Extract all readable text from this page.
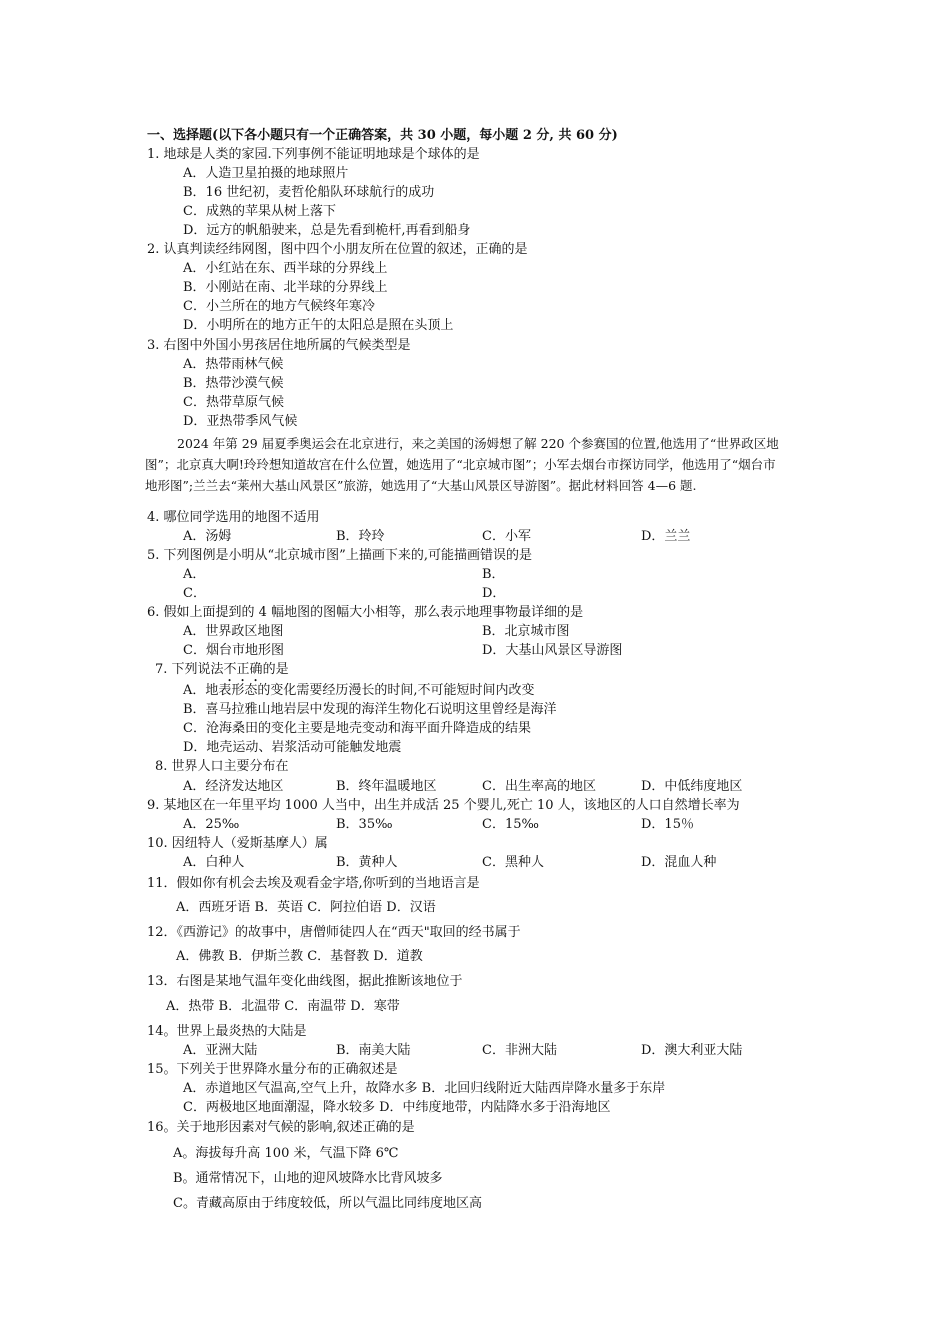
一、选择题(以下各小题只有一个正确答案，共 30 小题，每小题 2 分, 共 60 分)
1. 地球是人类的家园.下列事例不能证明地球是个球体的是
A．人造卫星拍摄的地球照片
B．16 世纪初，麦哲伦船队环球航行的成功
C．成熟的苹果从树上落下
D．远方的帆船驶来，总是先看到桅杆,再看到船身
2. 认真判读经纬网图，图中四个小朋友所在位置的叙述，正确的是
A．小红站在东、西半球的分界线上
B．小刚站在南、北半球的分界线上
C．小兰所在的地方气候终年寒冷
D．小明所在的地方正午的太阳总是照在头顶上
3. 右图中外国小男孩居住地所属的气候类型是
A．热带雨林气候
B．热带沙漠气候
C．热带草原气候
D．亚热带季风气候
2024 年第 29 届夏季奥运会在北京进行，来之美国的汤姆想了解 220 个参赛国的位置,他选用了“世界政区地图”；北京真大啊!玲玲想知道故宫在什么位置，她选用了“北京城市图”；小军去烟台市探访同学，他选用了“烟台市地形图”;兰兰去“莱州大基山风景区”旅游，她选用了“大基山风景区导游图”。据此材料回答 4—6 题.
4. 哪位同学选用的地图不适用
A．汤姆	B．玲玲	C．小军	D．兰兰
5. 下列图例是小明从“北京城市图”上描画下来的,可能描画错误的是
A．	B．
C．	D．
6. 假如上面提到的 4 幅地图的图幅大小相等，那么表示地理事物最详细的是
A．世界政区地图	B．北京城市图
C．烟台市地形图	D．大基山风景区导游图
7. 下列说法不正确的是
A．地表形态的变化需要经历漫长的时间,不可能短时间内改变
B．喜马拉雅山地岩层中发现的海洋生物化石说明这里曾经是海洋
C．沧海桑田的变化主要是地壳变动和海平面升降造成的结果
D．地壳运动、岩浆活动可能触发地震
8. 世界人口主要分布在
A．经济发达地区	B．终年温暖地区	C．出生率高的地区	D．中低纬度地区
9. 某地区在一年里平均 1000 人当中，出生并成活 25 个婴儿,死亡 10 人，该地区的人口自然增长率为
A．25‰	B．35‰	C．15‰	D．15％
10. 因纽特人（爱斯基摩人）属
A．白种人	B．黄种人	C．黑种人	D．混血人种
11．假如你有机会去埃及观看金字塔,你听到的当地语言是
A．西班牙语 B．英语 C．阿拉伯语 D．汉语
12．《西游记》的故事中，唐僧师徒四人在“西天"取回的经书属于
A．佛教 B．伊斯兰教 C．基督教 D．道教
13．右图是某地气温年变化曲线图，据此推断该地位于
A．热带 B．北温带 C．南温带 D．寒带
14。世界上最炎热的大陆是
A．亚洲大陆	B．南美大陆	C．非洲大陆	D．澳大利亚大陆
15。下列关于世界降水量分布的正确叙述是
A．赤道地区气温高,空气上升，故降水多 B．北回归线附近大陆西岸降水量多于东岸
C．两极地区地面潮湿，降水较多 D．中纬度地带，内陆降水多于沿海地区
16。关于地形因素对气候的影响,叙述正确的是
A。海拔每升高 100 米，气温下降 6℃
B。通常情况下，山地的迎风坡降水比背风坡多
C。青藏高原由于纬度较低，所以气温比同纬度地区高
